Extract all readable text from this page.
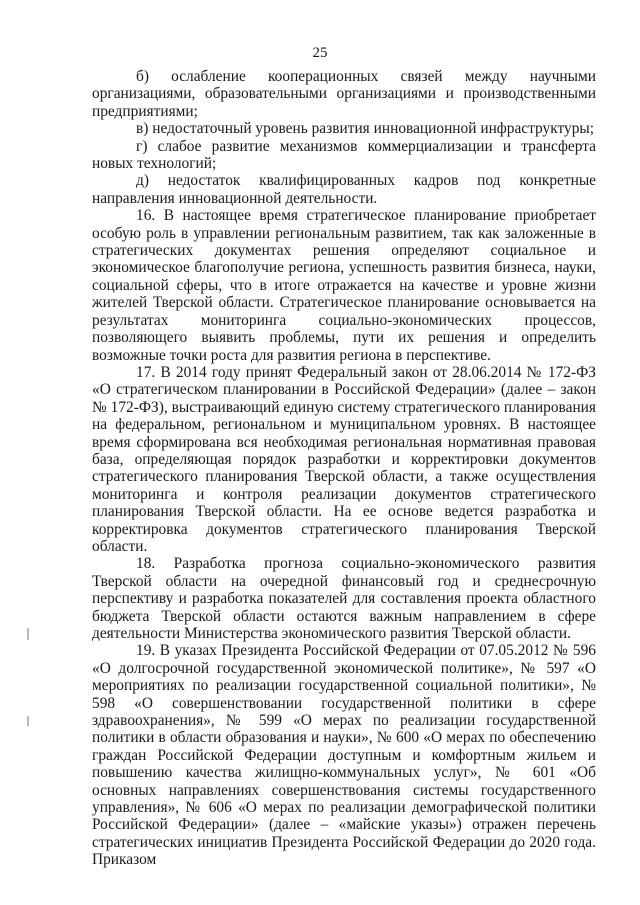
25

б) ослабление кооперационных связей между научными организациями, образовательными организациями и производственными предприятиями;

в) недостаточный уровень развития инновационной инфраструктуры;

г) слабое развитие механизмов коммерциализации и трансферта новых технологий;

д) недостаток квалифицированных кадров под конкретные направления инновационной деятельности.

16. В настоящее время стратегическое планирование приобретает особую роль в управлении региональным развитием, так как заложенные в стратегических документах решения определяют социальное и экономическое благополучие региона, успешность развития бизнеса, науки, социальной сферы, что в итоге отражается на качестве и уровне жизни жителей Тверской области. Стратегическое планирование основывается на результатах мониторинга социально-экономических процессов, позволяющего выявить проблемы, пути их решения и определить возможные точки роста для развития региона в перспективе.

17. В 2014 году принят Федеральный закон от 28.06.2014 № 172-ФЗ «О стратегическом планировании в Российской Федерации» (далее – закон № 172-ФЗ), выстраивающий единую систему стратегического планирования на федеральном, региональном и муниципальном уровнях. В настоящее время сформирована вся необходимая региональная нормативная правовая база, определяющая порядок разработки и корректировки документов стратегического планирования Тверской области, а также осуществления мониторинга и контроля реализации документов стратегического планирования Тверской области. На ее основе ведется разработка и корректировка документов стратегического планирования Тверской области.

18. Разработка прогноза социально-экономического развития Тверской области на очередной финансовый год и среднесрочную перспективу и разработка показателей для составления проекта областного бюджета Тверской области остаются важным направлением в сфере деятельности Министерства экономического развития Тверской области.

19. В указах Президента Российской Федерации от 07.05.2012 № 596 «О долгосрочной государственной экономической политике», № 597 «О мероприятиях по реализации государственной социальной политики», № 598 «О совершенствовании государственной политики в сфере здравоохранения», № 599 «О мерах по реализации государственной политики в области образования и науки», № 600 «О мерах по обеспечению граждан Российской Федерации доступным и комфортным жильем и повышению качества жилищно-коммунальных услуг», № 601 «Об основных направлениях совершенствования системы государственного управления», № 606 «О мерах по реализации демографической политики Российской Федерации» (далее – «майские указы») отражен перечень стратегических инициатив Президента Российской Федерации до 2020 года. Приказом
